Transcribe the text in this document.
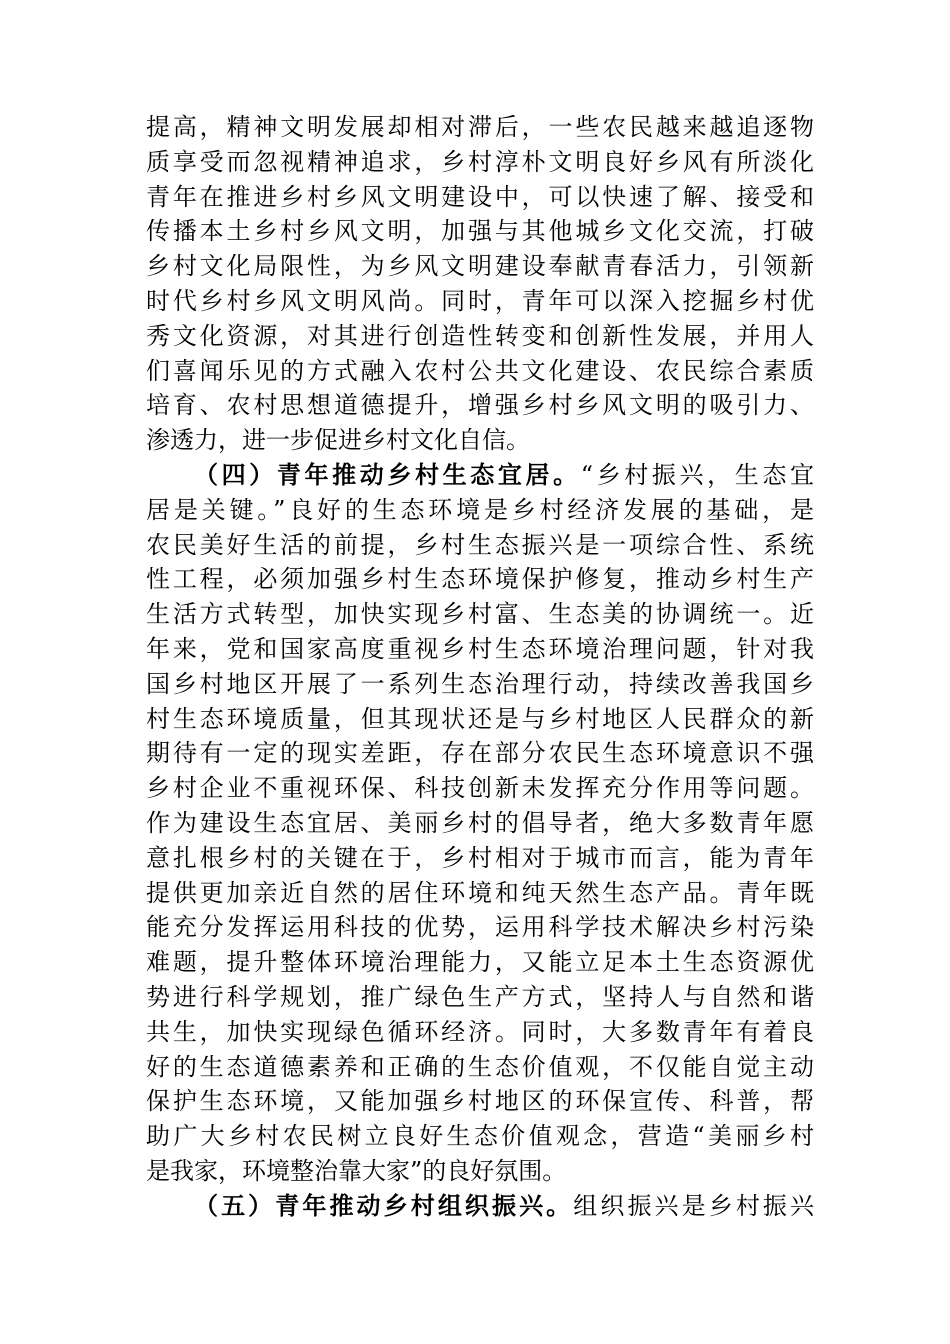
提高，精神文明发展却相对滞后，一些农民越来越追逐物
质享受而忽视精神追求，乡村淳朴文明良好乡风有所淡化
青年在推进乡村乡风文明建设中，可以快速了解、接受和
传播本土乡村乡风文明，加强与其他城乡文化交流，打破
乡村文化局限性，为乡风文明建设奉献青春活力，引领新
时代乡村乡风文明风尚。同时，青年可以深入挖掘乡村优
秀文化资源，对其进行创造性转变和创新性发展，并用人
们喜闻乐见的方式融入农村公共文化建设、农民综合素质
培育、农村思想道德提升，增强乡村乡风文明的吸引力、
渗透力，进一步促进乡村文化自信。
（四）青年推动乡村生态宜居。“乡村振兴，生态宜
居是关键。”良好的生态环境是乡村经济发展的基础，是
农民美好生活的前提，乡村生态振兴是一项综合性、系统
性工程，必须加强乡村生态环境保护修复，推动乡村生产
生活方式转型，加快实现乡村富、生态美的协调统一。近
年来，党和国家高度重视乡村生态环境治理问题，针对我
国乡村地区开展了一系列生态治理行动，持续改善我国乡
村生态环境质量，但其现状还是与乡村地区人民群众的新
期待有一定的现实差距，存在部分农民生态环境意识不强
乡村企业不重视环保、科技创新未发挥充分作用等问题。
作为建设生态宜居、美丽乡村的倡导者，绝大多数青年愿
意扎根乡村的关键在于，乡村相对于城市而言，能为青年
提供更加亲近自然的居住环境和纯天然生态产品。青年既
能充分发挥运用科技的优势，运用科学技术解决乡村污染
难题，提升整体环境治理能力，又能立足本土生态资源优
势进行科学规划，推广绿色生产方式，坚持人与自然和谐
共生，加快实现绿色循环经济。同时，大多数青年有着良
好的生态道德素养和正确的生态价值观，不仅能自觉主动
保护生态环境，又能加强乡村地区的环保宣传、科普，帮
助广大乡村农民树立良好生态价值观念，营造“美丽乡村
是我家，环境整治靠大家”的良好氛围。
（五）青年推动乡村组织振兴。组织振兴是乡村振兴
